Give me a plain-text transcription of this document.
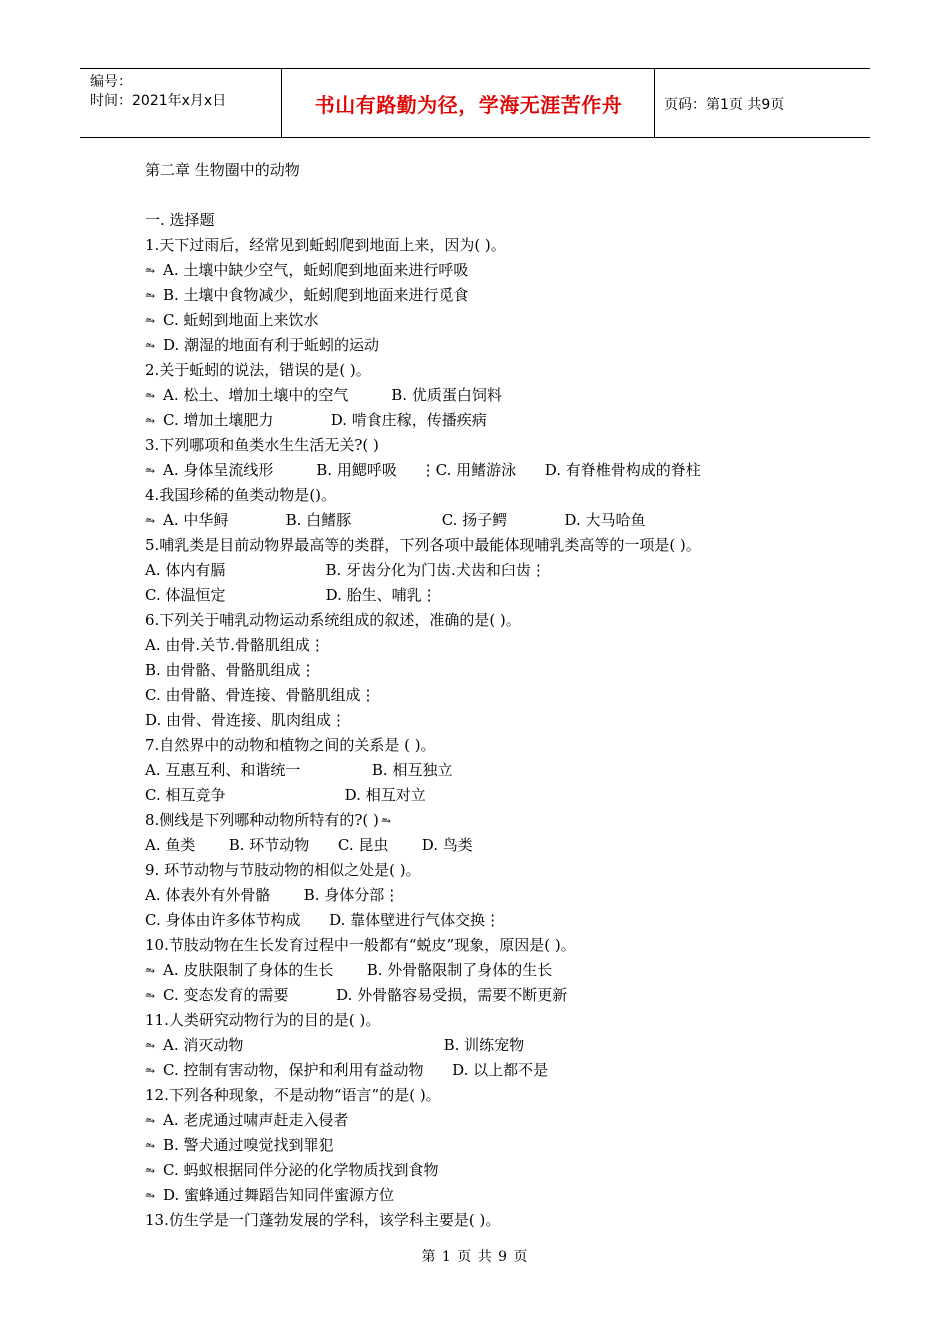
编号：
时间：2021年x月x日	书山有路勤为径，学海无涯苦作舟	页码：第1页 共9页
第二章 生物圈中的动物
一. 选择题
1.天下过雨后，经常见到蚯蚓爬到地面上来，因为( )。
⥲ A. 土壤中缺少空气，蚯蚓爬到地面来进行呼吸
⥲ B. 土壤中食物减少，蚯蚓爬到地面来进行觅食
⥲ C. 蚯蚓到地面上来饮水
⥲ D. 潮湿的地面有利于蚯蚓的运动
2.关于蚯蚓的说法，错误的是( )。
⥲ A. 松土、增加土壤中的空气         B. 优质蛋白饲料
⥲ C. 增加土壤肥力            D. 啃食庄稼，传播疾病
3.下列哪项和鱼类水生生活无关?( )
⥲ A. 身体呈流线形         B. 用鳃呼吸     ⋮C. 用鳍游泳      D. 有脊椎骨构成的脊柱
4.我国珍稀的鱼类动物是()。
⥲ A. 中华鲟            B. 白鳍豚                   C. 扬子鳄            D. 大马哈鱼
5.哺乳类是目前动物界最高等的类群，下列各项中最能体现哺乳类高等的一项是( )。
A. 体内有膈                     B. 牙齿分化为门齿.犬齿和臼齿⋮
C. 体温恒定                     D. 胎生、哺乳⋮
6.下列关于哺乳动物运动系统组成的叙述，准确的是( )。
A. 由骨.关节.骨骼肌组成⋮
B. 由骨骼、骨骼肌组成⋮
C. 由骨骼、骨连接、骨骼肌组成⋮
D. 由骨、骨连接、肌肉组成⋮
7.自然界中的动物和植物之间的关系是 ( )。
A. 互惠互利、和谐统一               B. 相互独立
C. 相互竞争                         D. 相互对立
8.侧线是下列哪种动物所特有的?( ) ⥲
A. 鱼类       B. 环节动物      C. 昆虫       D. 鸟类
9. 环节动物与节肢动物的相似之处是( )。
A. 体表外有外骨骼       B. 身体分部⋮
C. 身体由许多体节构成      D. 靠体壁进行气体交换⋮
10.节肢动物在生长发育过程中一般都有“蜕皮”现象，原因是( )。
⥲ A. 皮肤限制了身体的生长       B. 外骨骼限制了身体的生长
⥲ C. 变态发育的需要          D. 外骨骼容易受损，需要不断更新
11.人类研究动物行为的目的是( )。
⥲ A. 消灭动物                                          B. 训练宠物
⥲ C. 控制有害动物，保护和利用有益动物      D. 以上都不是
12.下列各种现象，不是动物“语言”的是( )。
⥲ A. 老虎通过啸声赶走入侵者
⥲ B. 警犬通过嗅觉找到罪犯
⥲ C. 蚂蚁根据同伴分泌的化学物质找到食物
⥲ D. 蜜蜂通过舞蹈告知同伴蜜源方位
13.仿生学是一门蓬勃发展的学科，该学科主要是( )。
第 1 页 共 9 页
